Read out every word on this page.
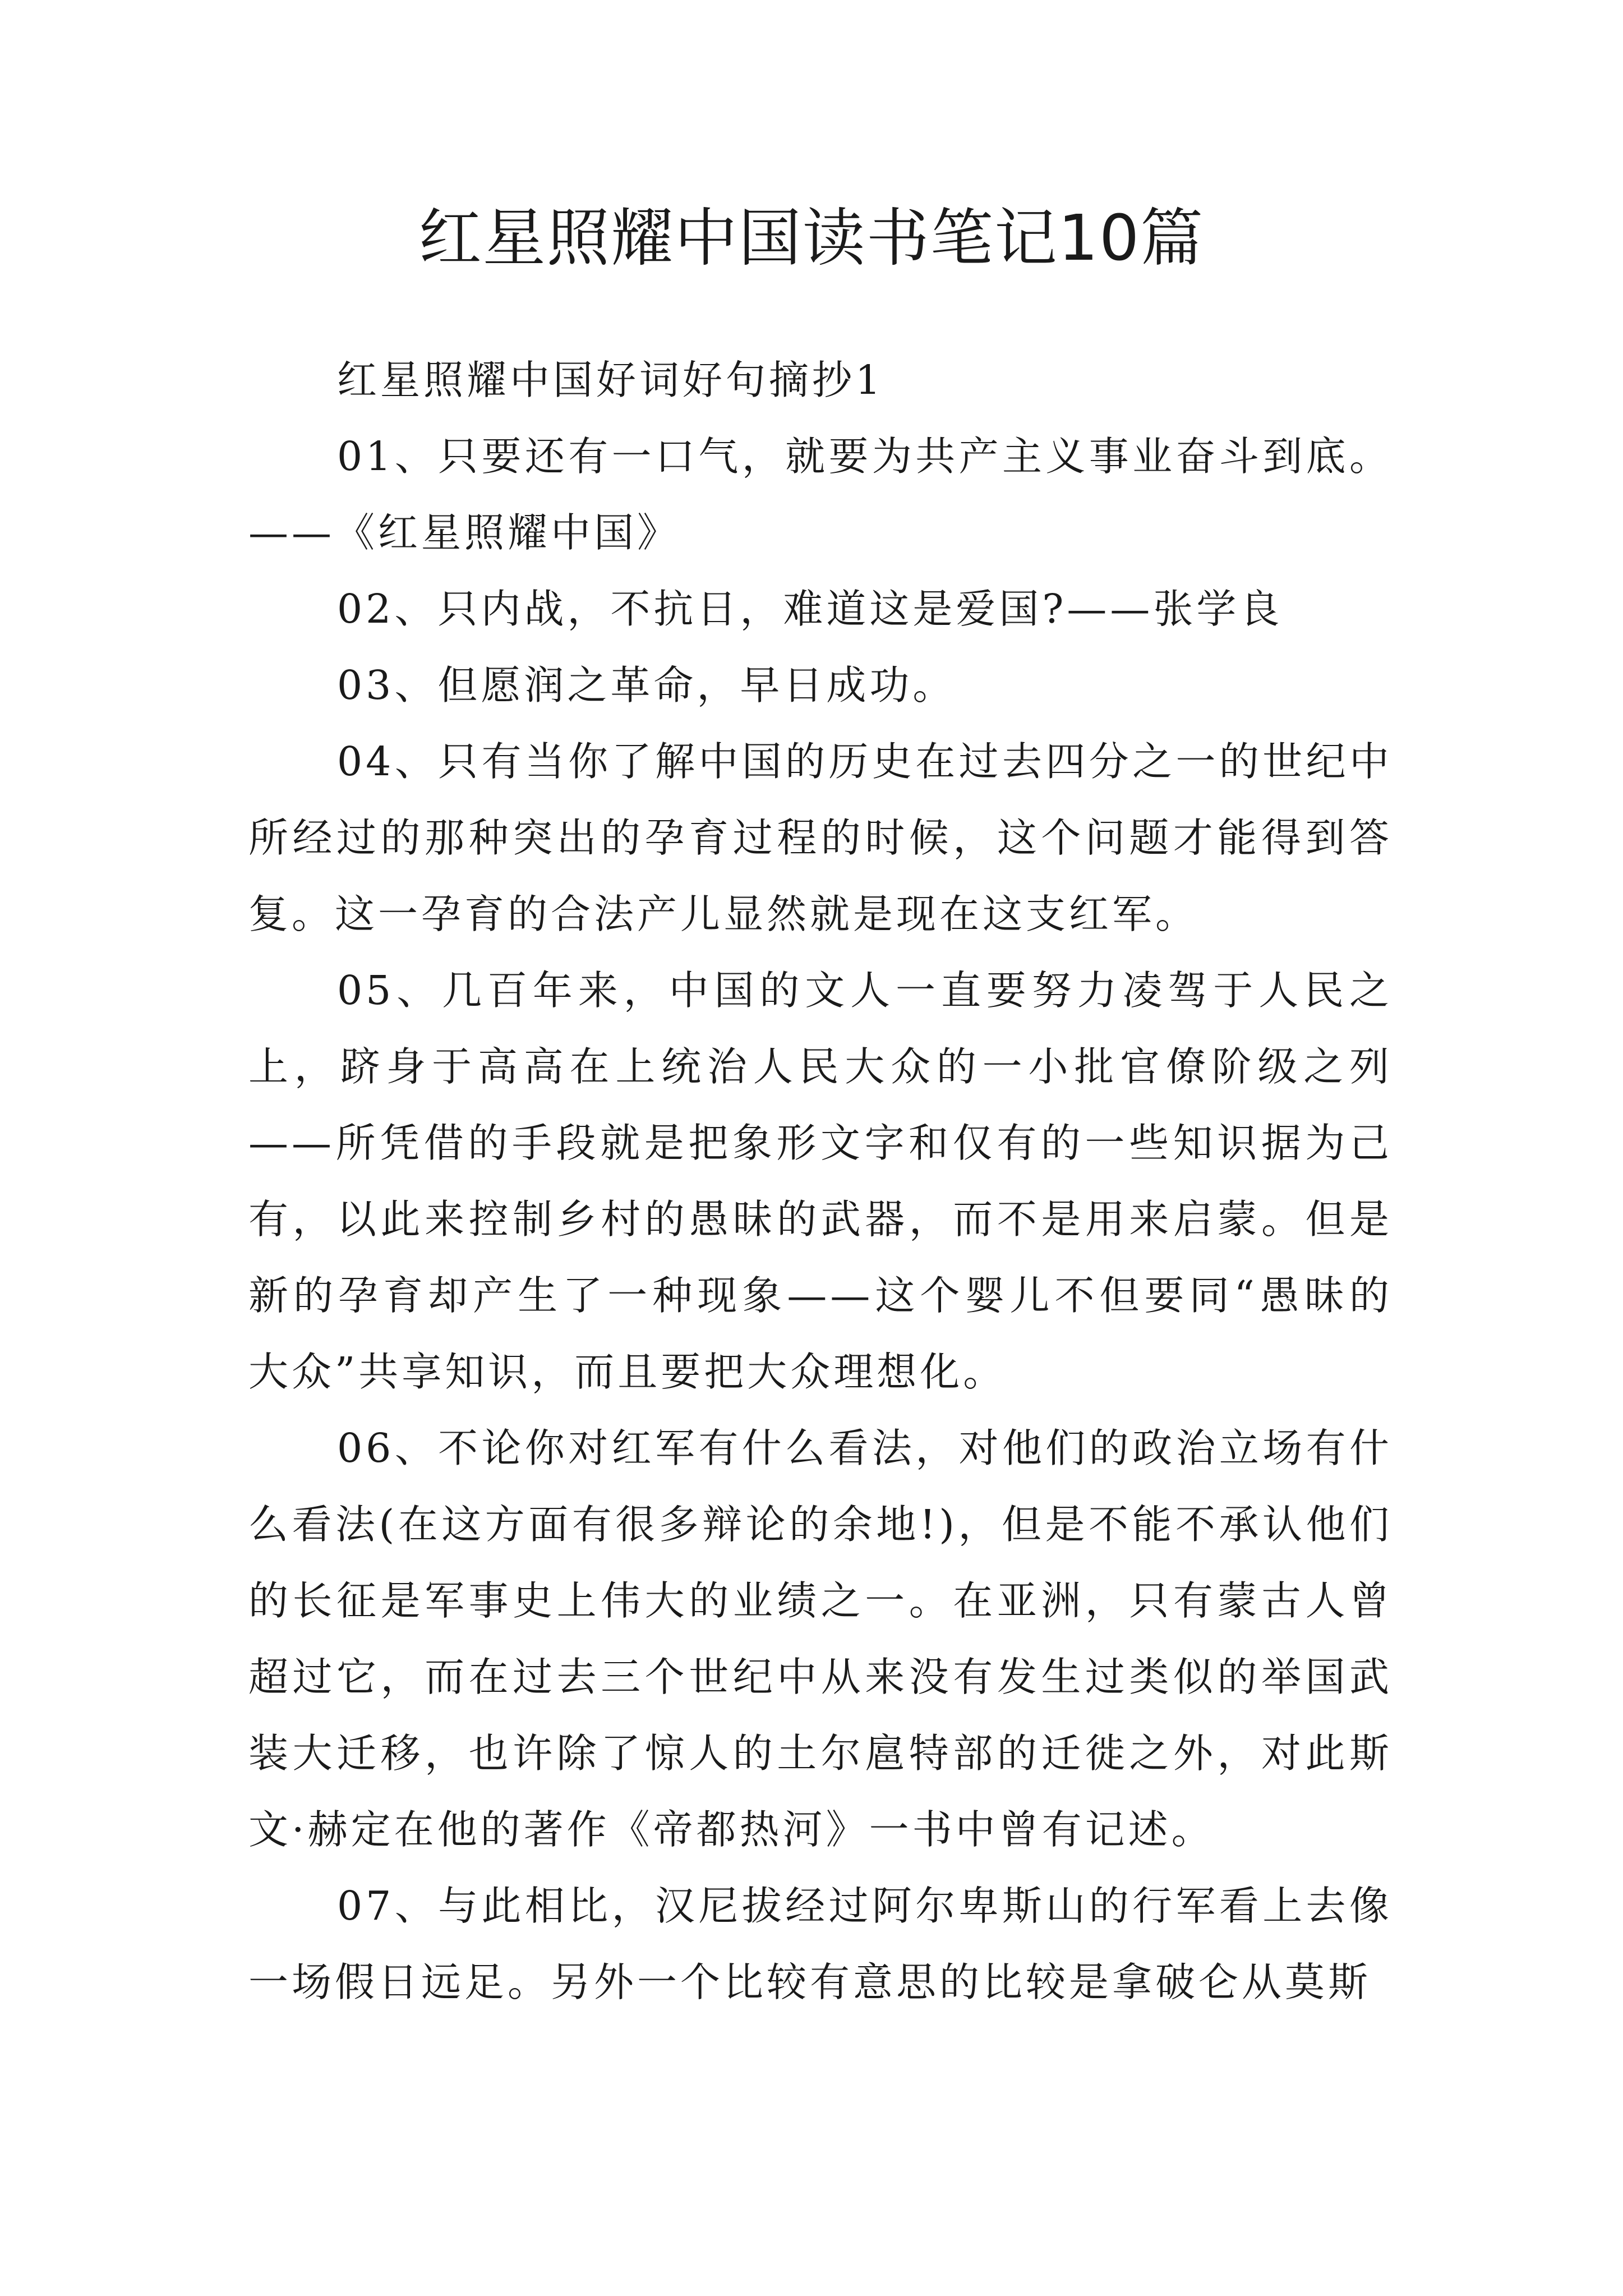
红星照耀中国读书笔记10篇

红星照耀中国好词好句摘抄1

01、只要还有一口气，就要为共产主义事业奋斗到底。——《红星照耀中国》

02、只内战，不抗日，难道这是爱国?——张学良

03、但愿润之革命，早日成功。

04、只有当你了解中国的历史在过去四分之一的世纪中所经过的那种突出的孕育过程的时候，这个问题才能得到答复。这一孕育的合法产儿显然就是现在这支红军。

05、几百年来，中国的文人一直要努力凌驾于人民之上，跻身于高高在上统治人民大众的一小批官僚阶级之列——所凭借的手段就是把象形文字和仅有的一些知识据为己有，以此来控制乡村的愚昧的武器，而不是用来启蒙。但是新的孕育却产生了一种现象——这个婴儿不但要同“愚昧的大众”共享知识，而且要把大众理想化。

06、不论你对红军有什么看法，对他们的政治立场有什么看法(在这方面有很多辩论的余地!)，但是不能不承认他们的长征是军事史上伟大的业绩之一。在亚洲，只有蒙古人曾超过它，而在过去三个世纪中从来没有发生过类似的举国武装大迁移，也许除了惊人的土尔扈特部的迁徙之外，对此斯文·赫定在他的著作《帝都热河》一书中曾有记述。

07、与此相比，汉尼拔经过阿尔卑斯山的行军看上去像一场假日远足。另外一个比较有意思的比较是拿破仑从莫斯
